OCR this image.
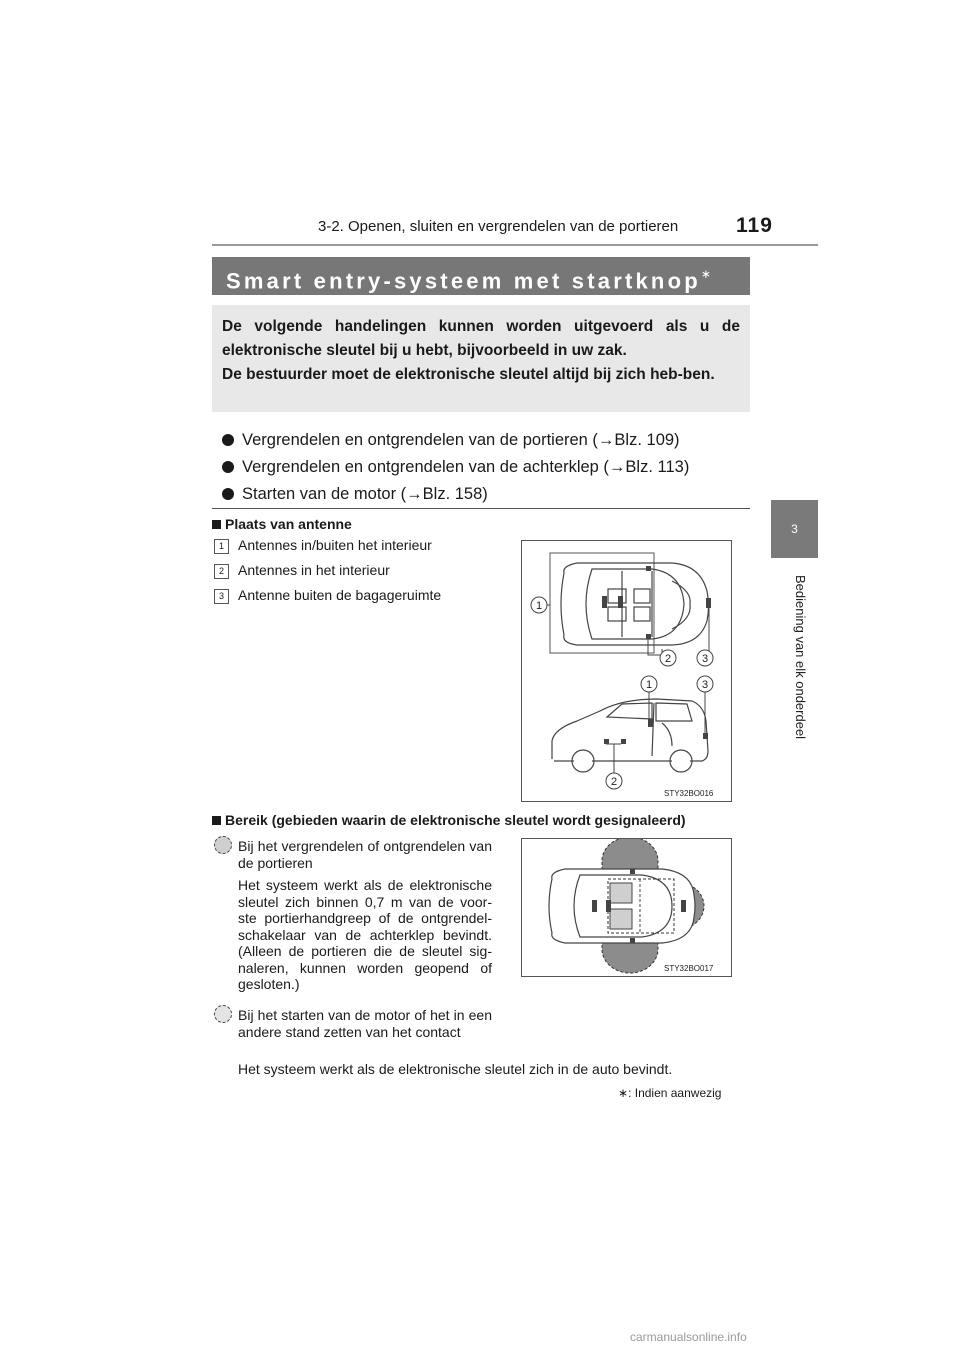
3-2. Openen, sluiten en vergrendelen van de portieren	119
3
Bediening van elk onderdeel
Smart entry-systeem met startknop∗

De volgende handelingen kunnen worden uitgevoerd als u de elektronische sleutel bij u hebt, bijvoorbeeld in uw zak.

De bestuurder moet de elektronische sleutel altijd bij zich heb-ben.

Vergrendelen en ontgrendelen van de portieren (→Blz. 109)
Vergrendelen en ontgrendelen van de achterklep (→Blz. 113)
Starten van de motor (→Blz. 158)
Plaats van antenne
1 Antennes in/buiten het interieur
2 Antennes in het interieur
3 Antenne buiten de bagageruimte
1
2	3
1	3
2
STY32BO016
Bereik (gebieden waarin de elektronische sleutel wordt gesignaleerd)
Bij het vergrendelen of ontgrendelen van de portieren
Het systeem werkt als de elektronische sleutel zich binnen 0,7 m van de voor-ste portierhandgreep of de ontgrendel-schakelaar van de achterklep bevindt. (Alleen de portieren die de sleutel sig-naleren, kunnen worden geopend of gesloten.)
Bij het starten van de motor of het in een andere stand zetten van het contact
Het systeem werkt als de elektronische sleutel zich in de auto bevindt.
STY32BO017
∗: Indien aanwezig
carmanualsonline.info
